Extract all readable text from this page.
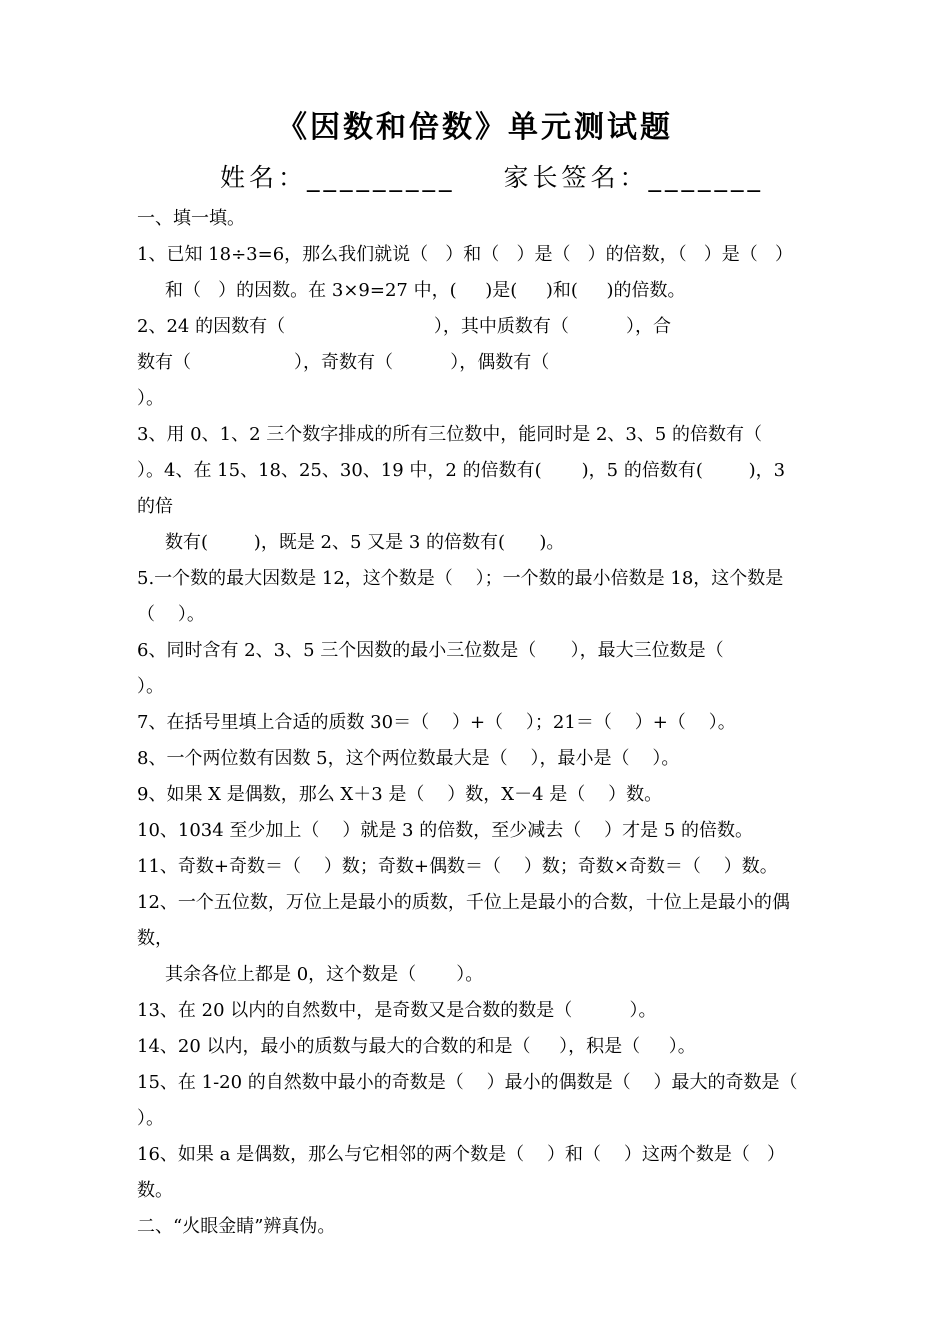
《因数和倍数》单元测试题
姓名：_________ 家长签名：_______
一、填一填。
1、已知 18÷3=6，那么我们就说（   ）和（   ）是（   ）的倍数，（   ）是（   ）
和（   ）的因数。在 3×9=27 中，(     )是(     )和(     )的倍数。
2、24 的因数有（                          ），其中质数有（          ），合
数有（                  ），奇数有（          ），偶数有（
）。
3、用 0、1、2 三个数字排成的所有三位数中，能同时是 2、3、5 的倍数有（
）。4、在 15、18、25、30、19 中，2 的倍数有(       )，5 的倍数有(        )，3
的倍
数有(        )，既是 2、5 又是 3 的倍数有(      )。
5.一个数的最大因数是 12，这个数是（    ）；一个数的最小倍数是 18，这个数是
（    ）。
6、同时含有 2、3、5 三个因数的最小三位数是（      ），最大三位数是（
）。
7、在括号里填上合适的质数 30＝（    ）+（    ）；21＝（    ）+（    ）。
8、一个两位数有因数 5，这个两位数最大是（    ），最小是（    ）。
9、如果 X 是偶数，那么 X＋3 是（    ）数，X－4 是（    ）数。
10、1034 至少加上（    ）就是 3 的倍数，至少减去（    ）才是 5 的倍数。
11、奇数+奇数＝（    ）数；奇数+偶数＝（    ）数；奇数×奇数＝（    ）数。
12、一个五位数，万位上是最小的质数，千位上是最小的合数，十位上是最小的偶
数，
其余各位上都是 0，这个数是（       ）。
13、在 20 以内的自然数中，是奇数又是合数的数是（          ）。
14、20 以内，最小的质数与最大的合数的和是（     ），积是（     ）。
15、在 1-20 的自然数中最小的奇数是（    ）最小的偶数是（    ）最大的奇数是（
）。
16、如果 a 是偶数，那么与它相邻的两个数是（    ）和（    ）这两个数是（   ）
数。
二、“火眼金睛”辨真伪。
